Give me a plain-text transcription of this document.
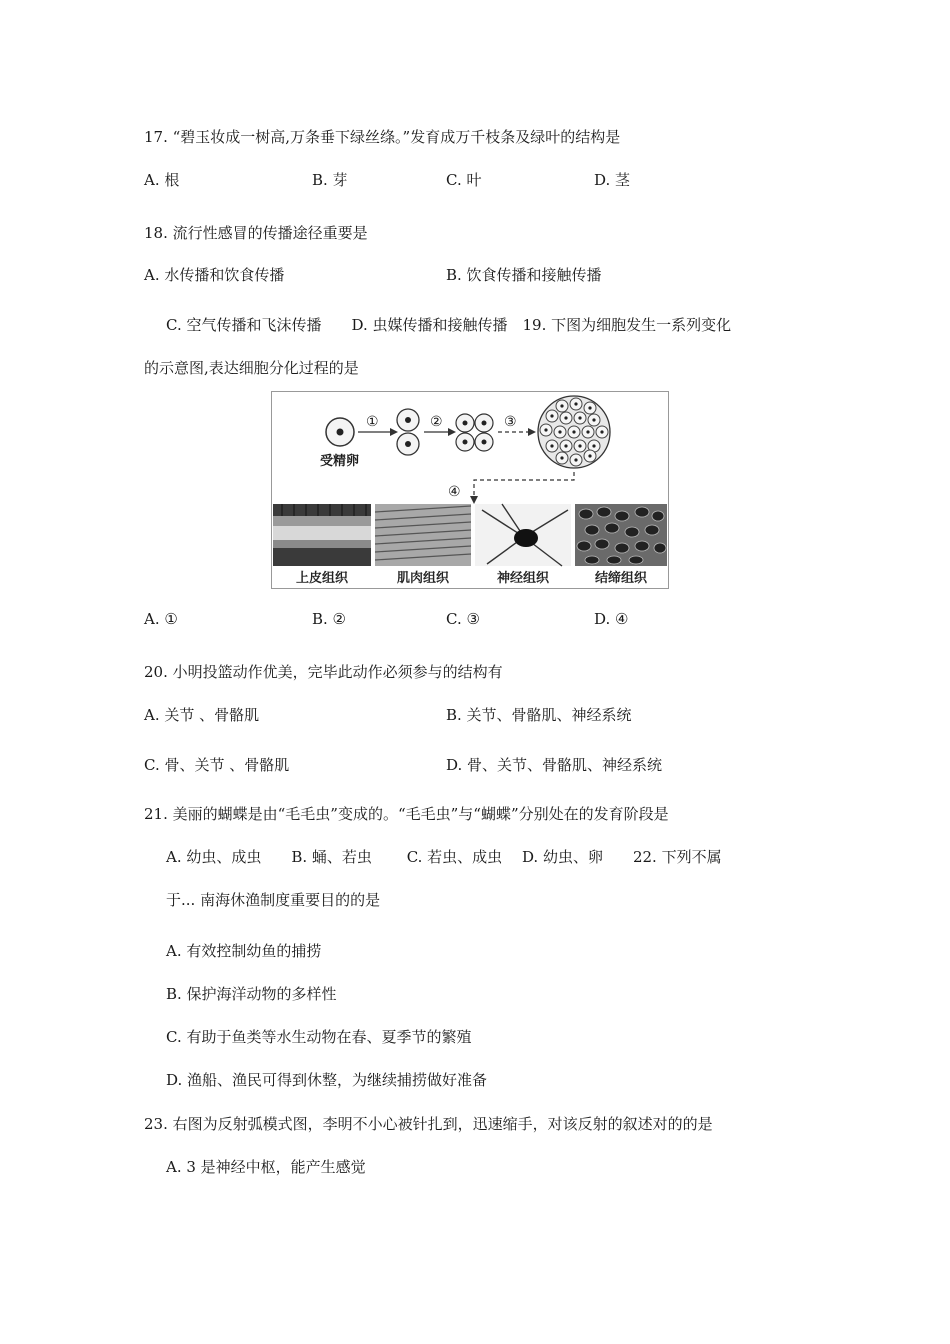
17. “碧玉妆成一树高,万条垂下绿丝绦。”发育成万千枝条及绿叶的结构是
A. 根	B. 芽	C. 叶	D. 茎
18. 流行性感冒的传播途径重要是
A. 水传播和饮食传播	B. 饮食传播和接触传播
C. 空气传播和飞沫传播　　D. 虫媒传播和接触传播　19. 下图为细胞发生一系列变化
的示意图,表达细胞分化过程的是
受精卵
①	②	③
④
上皮组织	肌肉组织	神经组织	结缔组织
A. ①	B. ②	C. ③	D. ④
20. 小明投篮动作优美，完毕此动作必须参与的结构有
A. 关节 、骨骼肌	B. 关节、骨骼肌、神经系统
C. 骨、关节 、骨骼肌	D. 骨、关节、骨骼肌、神经系统
21. 美丽的蝴蝶是由“毛毛虫”变成的。“毛毛虫”与“蝴蝶”分别处在的发育阶段是
A. 幼虫、成虫　　B. 蛹、若虫　　 C. 若虫、成虫　 D. 幼虫、卵　　22. 下列不属
于... 南海休渔制度重要目的的是
A. 有效控制幼鱼的捕捞
B. 保护海洋动物的多样性
C. 有助于鱼类等水生动物在春、夏季节的繁殖
D. 渔船、渔民可得到休整，为继续捕捞做好准备
23. 右图为反射弧模式图，李明不小心被针扎到，迅速缩手，对该反射的叙述对的的是
A. 3 是神经中枢，能产生感觉
